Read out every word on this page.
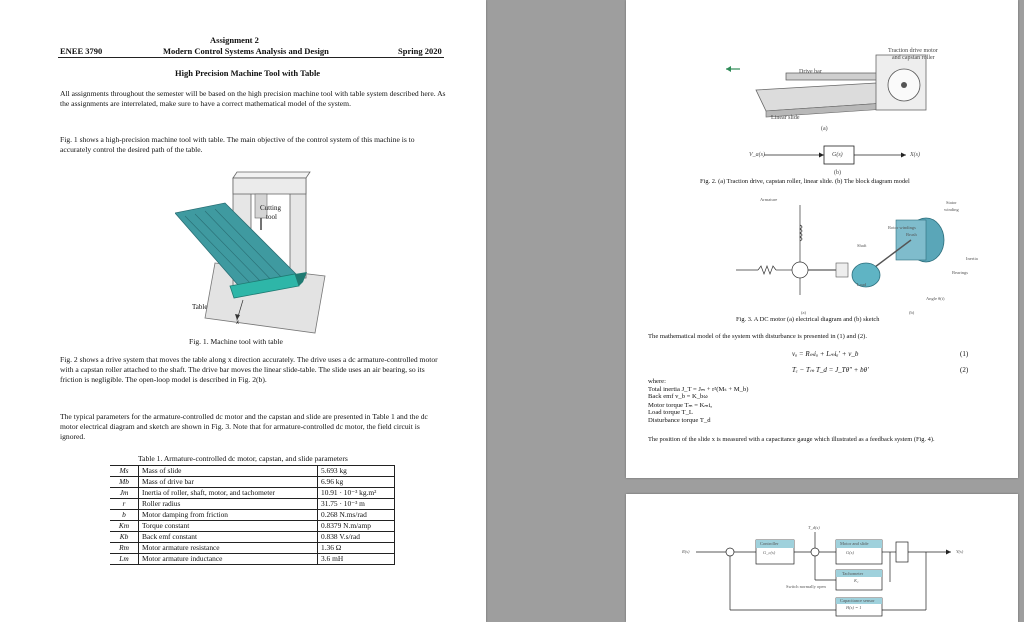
Assignment 2
ENEE 3790	Modern Control Systems Analysis and Design	Spring 2020
High Precision Machine Tool with Table
All assignments throughout the semester will be based on the high precision machine tool with table system described here. As the assignments are interrelated, make sure to have a correct mathematical model of the system.
Fig. 1 shows a high-precision machine tool with table. The main objective of the control system of this machine is to accurately control the desired path of the table.
Cutting
tool
Table
x
Fig. 1. Machine tool with table
Fig. 2 shows a drive system that moves the table along x direction accurately. The drive uses a dc armature-controlled motor with a capstan roller attached to the shaft. The drive bar moves the linear slide-table. The slide uses an air bearing, so its friction is negligible. The open-loop model is described in Fig. 2(b).
The typical parameters for the armature-controlled dc motor and the capstan and slide are presented in Table 1 and the dc motor electrical diagram and sketch are shown in Fig. 3. Note that for armature-controlled dc motor, the field circuit is ignored.
Table 1. Armature-controlled dc motor, capstan, and slide parameters
Ms	Mass of slide	5.693 kg
Mb	Mass of drive bar	6.96 kg
Jm	Inertia of roller, shaft, motor, and tachometer	10.91 · 10⁻³ kg.m²
r	Roller radius	31.75 · 10⁻³ m
b	Motor damping from friction	0.268 N.ms/rad
Km	Torque constant	0.8379 N.m/amp
Kb	Back emf constant	0.838 V.s/rad
Rm	Motor armature resistance	1.36 Ω
Lm	Motor armature inductance	3.6 mH
Traction drive motor
and capstan roller
Drive bar
Linear slide
(a)
V_a(s)	G(s)	X(s)
(b)
Fig. 2. (a) Traction drive, capstan roller, linear slide. (b) The block diagram model
Armature
Stator
winding
Rotor windings
Brush
Shaft
Inertia
Bearings
Load
Angle θ(t)
(a)	(b)
Fig. 3. A DC motor (a) electrical diagram and (b) sketch
The mathematical model of the system with disturbance is presented in (1) and (2).
vₐ = Rₘiₐ + Lₘiₐ′ + v_b	(1)
Tₑ − Tₘ T_d = J_Tθ″ + bθ′	(2)
where:
Total inertia J_T = Jₘ + r²(Mₛ + M_b)
Back emf v_b = K_bω
Motor torque Tₘ = Kₘiₐ
Load torque T_L
Disturbance torque T_d
The position of the slide x is measured with a capacitance gauge which illustrated as a feedback system (Fig. 4).
Controller
G_c(s)
Motor and slide
G(s)
Tachometer
K₁
Capacitance sensor
H(s) = 1
Switch normally open
R(s)	Y(s)
T_d(s)
